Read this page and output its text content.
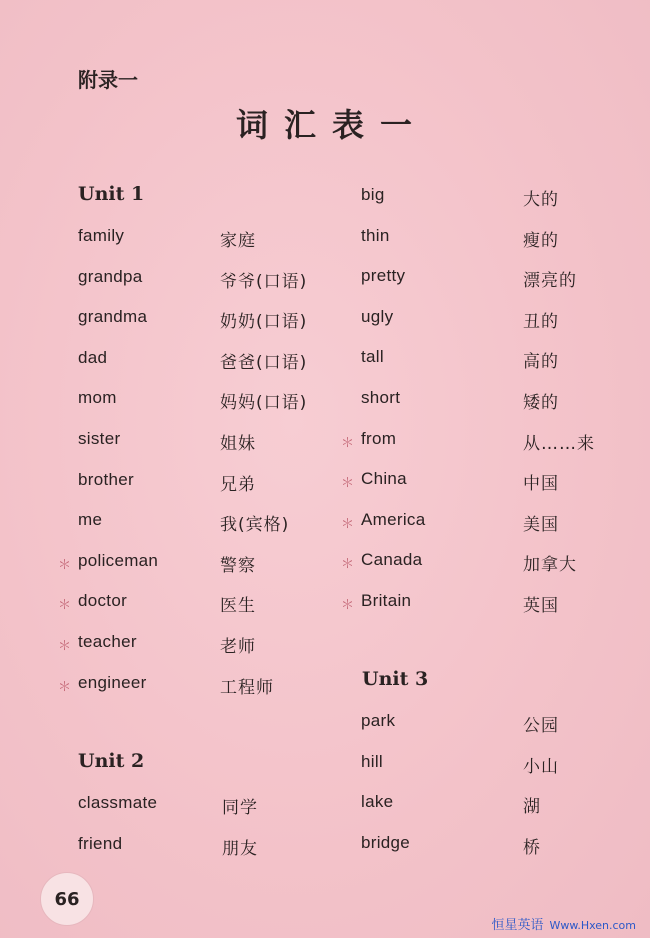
附录一
词汇表一
Unit 1
Unit 2
Unit 3
family	家庭
grandpa	爷爷(口语)
grandma	奶奶(口语)
dad	爸爸(口语)
mom	妈妈(口语)
sister	姐妹
brother	兄弟
me	我(宾格)
＊ policeman	警察
＊ doctor	医生
＊ teacher	老师
＊ engineer	工程师
classmate	同学
friend	朋友
big	大的
thin	瘦的
pretty	漂亮的
ugly	丑的
tall	高的
short	矮的
＊ from	从……来
＊ China	中国
＊ America	美国
＊ Canada	加拿大
＊ Britain	英国
park	公园
hill	小山
lake	湖
bridge	桥
66
恒星英语 Www.Hxen.com
